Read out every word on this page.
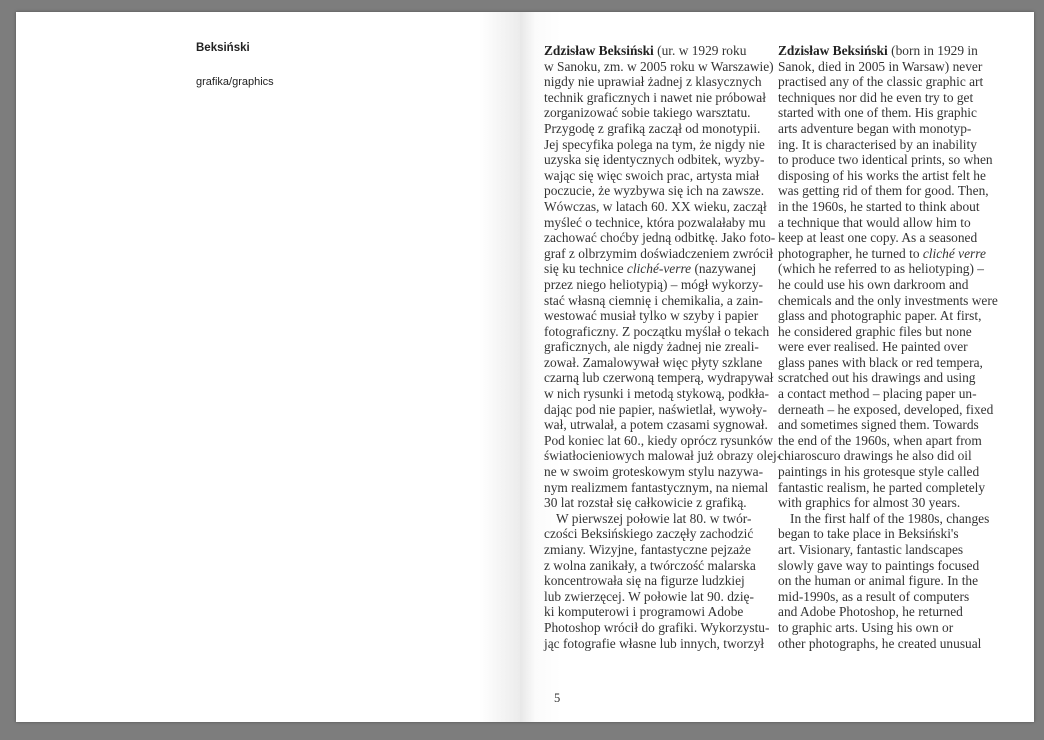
Beksiński
grafika/graphics
Zdzisław Beksiński (ur. w 1929 roku
w Sanoku, zm. w 2005 roku w Warszawie)
nigdy nie uprawiał żadnej z klasycznych
technik graficznych i nawet nie próbował
zorganizować sobie takiego warsztatu.
Przygodę z grafiką zaczął od monotypii.
Jej specyfika polega na tym, że nigdy nie
uzyska się identycznych odbitek, wyzby-
wając się więc swoich prac, artysta miał
poczucie, że wyzbywa się ich na zawsze.
Wówczas, w latach 60. XX wieku, zaczął
myśleć o technice, która pozwalałaby mu
zachować choćby jedną odbitkę. Jako foto-
graf z olbrzymim doświadczeniem zwrócił
się ku technice cliché-verre (nazywanej
przez niego heliotypią) – mógł wykorzy-
stać własną ciemnię i chemikalia, a zain-
westować musiał tylko w szyby i papier
fotograficzny. Z początku myślał o tekach
graficznych, ale nigdy żadnej nie zreali-
zował. Zamalowywał więc płyty szklane
czarną lub czerwoną temperą, wydrapywał
w nich rysunki i metodą stykową, podkła-
dając pod nie papier, naświetlał, wywoły-
wał, utrwalał, a potem czasami sygnował.
Pod koniec lat 60., kiedy oprócz rysunków
światłocieniowych malował już obrazy olej-
ne w swoim groteskowym stylu nazywa-
nym realizmem fantastycznym, na niemal
30 lat rozstał się całkowicie z grafiką.
W pierwszej połowie lat 80. w twór-
czości Beksińskiego zaczęły zachodzić
zmiany. Wizyjne, fantastyczne pejzaże
z wolna zanikały, a twórczość malarska
koncentrowała się na figurze ludzkiej
lub zwierzęcej. W połowie lat 90. dzię-
ki komputerowi i programowi Adobe
Photoshop wrócił do grafiki. Wykorzystu-
jąc fotografie własne lub innych, tworzył
Zdzisław Beksiński (born in 1929 in
Sanok, died in 2005 in Warsaw) never
practised any of the classic graphic art
techniques nor did he even try to get
started with one of them. His graphic
arts adventure began with monotyp-
ing. It is characterised by an inability
to produce two identical prints, so when
disposing of his works the artist felt he
was getting rid of them for good. Then,
in the 1960s, he started to think about
a technique that would allow him to
keep at least one copy. As a seasoned
photographer, he turned to cliché verre
(which he referred to as heliotyping) –
he could use his own darkroom and
chemicals and the only investments were
glass and photographic paper. At first,
he considered graphic files but none
were ever realised. He painted over
glass panes with black or red tempera,
scratched out his drawings and using
a contact method – placing paper un-
derneath – he exposed, developed, fixed
and sometimes signed them. Towards
the end of the 1960s, when apart from
chiaroscuro drawings he also did oil
paintings in his grotesque style called
fantastic realism, he parted completely
with graphics for almost 30 years.
In the first half of the 1980s, changes
began to take place in Beksiński's
art. Visionary, fantastic landscapes
slowly gave way to paintings focused
on the human or animal figure. In the
mid-1990s, as a result of computers
and Adobe Photoshop, he returned
to graphic arts. Using his own or
other photographs, he created unusual
5
